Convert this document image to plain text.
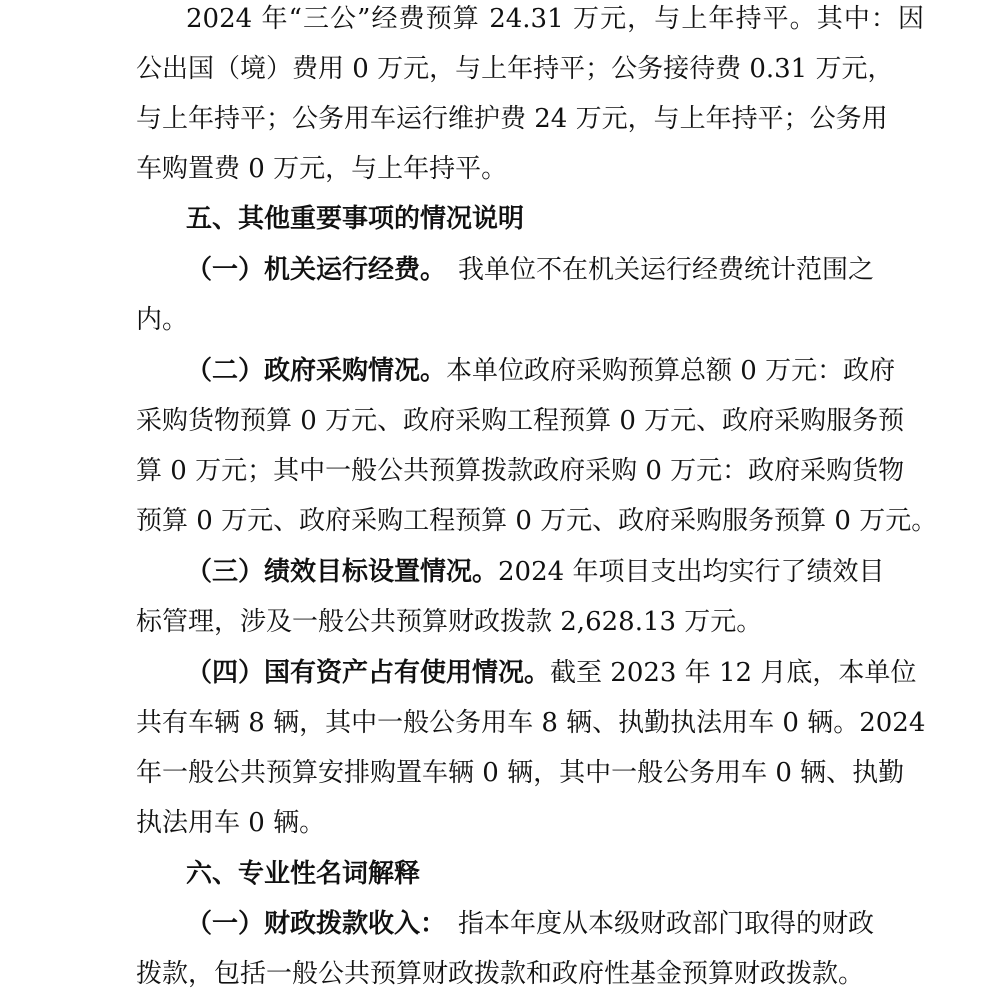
2024 年“三公”经费预算 24.31 万元，与上年持平。其中：因
公出国（境）费用 0 万元，与上年持平；公务接待费 0.31 万元，
与上年持平；公务用车运行维护费 24 万元，与上年持平；公务用
车购置费 0 万元，与上年持平。
五、其他重要事项的情况说明
（一）机关运行经费。 我单位不在机关运行经费统计范围之
内。
（二）政府采购情况。 本单位政府采购预算总额 0 万元：政府
采购货物预算 0 万元、政府采购工程预算 0 万元、政府采购服务预
算 0 万元；其中一般公共预算拨款政府采购 0 万元：政府采购货物
预算 0 万元、政府采购工程预算 0 万元、政府采购服务预算 0 万元。
（三）绩效目标设置情况。 2024 年项目支出均实行了绩效目
标管理，涉及一般公共预算财政拨款 2,628.13 万元。
（四）国有资产占有使用情况。 截至 2023 年 12 月底，本单位
共有车辆 8 辆，其中一般公务用车 8 辆、执勤执法用车 0 辆。2024
年一般公共预算安排购置车辆 0 辆，其中一般公务用车 0 辆、执勤
执法用车 0 辆。
六、专业性名词解释
（一）财政拨款收入： 指本年度从本级财政部门取得的财政
拨款，包括一般公共预算财政拨款和政府性基金预算财政拨款。
